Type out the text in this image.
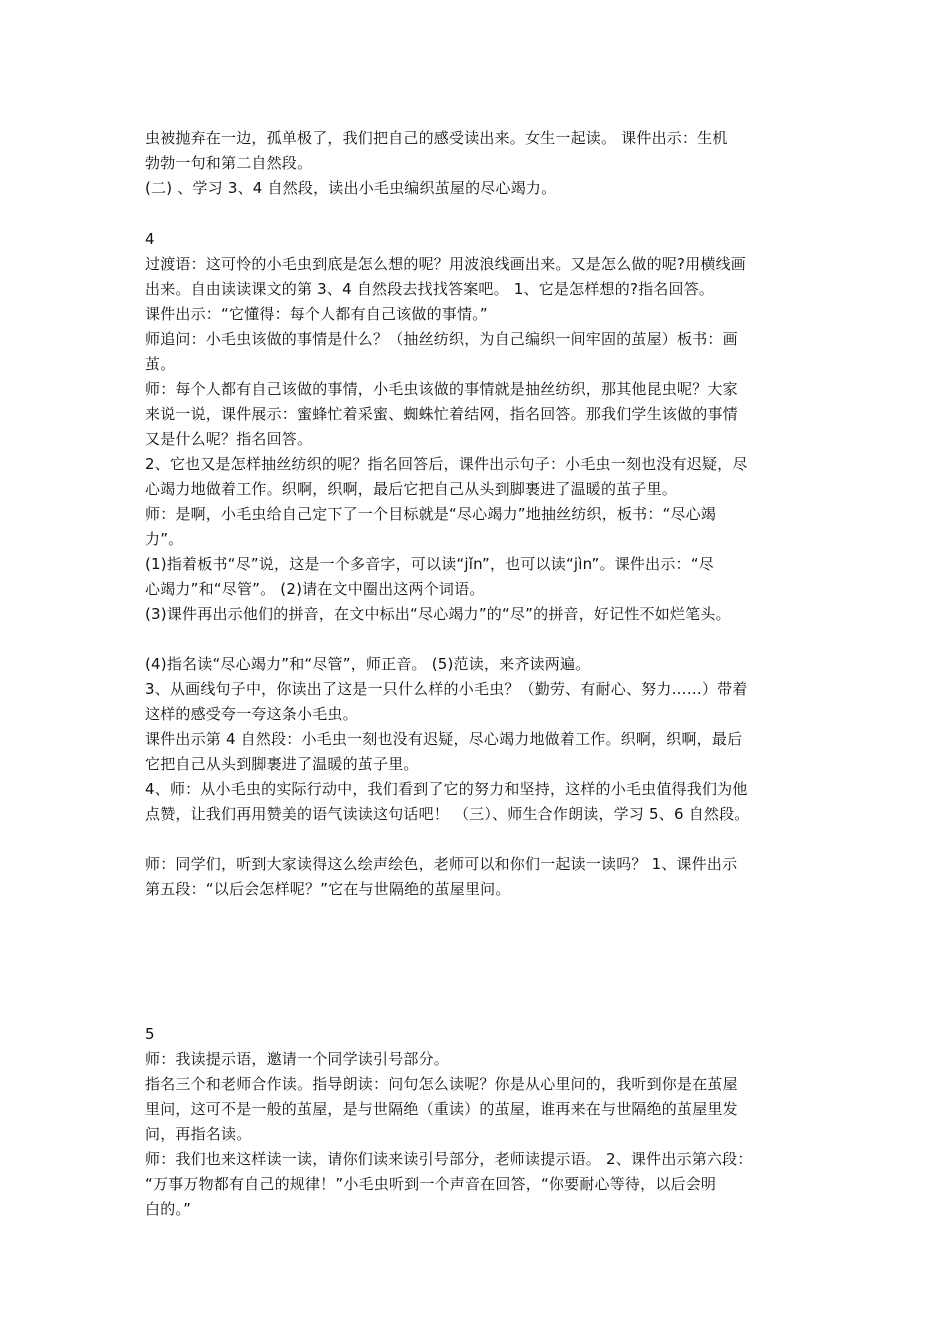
虫被抛弃在一边，孤单极了，我们把自己的感受读出来。女生一起读。 课件出示：生机
勃勃一句和第二自然段。
(二) 、学习 3、4 自然段，读出小毛虫编织茧屋的尽心竭力。
4
过渡语：这可怜的小毛虫到底是怎么想的呢？用波浪线画出来。又是怎么做的呢?用横线画
出来。自由读读课文的第 3、4 自然段去找找答案吧。 1、它是怎样想的?指名回答。
课件出示：“它懂得：每个人都有自己该做的事情。”
师追问：小毛虫该做的事情是什么？（抽丝纺织，为自己编织一间牢固的茧屋）板书：画
茧。
师：每个人都有自己该做的事情，小毛虫该做的事情就是抽丝纺织，那其他昆虫呢？大家
来说一说，课件展示：蜜蜂忙着采蜜、蜘蛛忙着结网，指名回答。那我们学生该做的事情
又是什么呢？指名回答。
2、它也又是怎样抽丝纺织的呢？指名回答后，课件出示句子：小毛虫一刻也没有迟疑，尽
心竭力地做着工作。织啊，织啊，最后它把自己从头到脚裹进了温暖的茧子里。
师：是啊，小毛虫给自己定下了一个目标就是“尽心竭力”地抽丝纺织，板书：“尽心竭
力”。
(1)指着板书“尽”说，这是一个多音字，可以读“jǐn”，也可以读“jìn”。课件出示：“尽
心竭力”和“尽管”。 (2)请在文中圈出这两个词语。
(3)课件再出示他们的拼音，在文中标出“尽心竭力”的“尽”的拼音，好记性不如烂笔头。

(4)指名读“尽心竭力”和“尽管”，师正音。 (5)范读，来齐读两遍。
3、从画线句子中，你读出了这是一只什么样的小毛虫？（勤劳、有耐心、努力……）带着
这样的感受夸一夸这条小毛虫。
课件出示第 4 自然段：小毛虫一刻也没有迟疑，尽心竭力地做着工作。织啊，织啊，最后
它把自己从头到脚裹进了温暖的茧子里。
4、师：从小毛虫的实际行动中，我们看到了它的努力和坚持，这样的小毛虫值得我们为他
点赞，让我们再用赞美的语气读读这句话吧！ （三）、师生合作朗读，学习 5、6 自然段。

师：同学们，听到大家读得这么绘声绘色，老师可以和你们一起读一读吗？ 1、课件出示
第五段：“以后会怎样呢？”它在与世隔绝的茧屋里问。
5
师：我读提示语，邀请一个同学读引号部分。
指名三个和老师合作读。指导朗读：问句怎么读呢？你是从心里问的，我听到你是在茧屋
里问，这可不是一般的茧屋，是与世隔绝（重读）的茧屋，谁再来在与世隔绝的茧屋里发
问，再指名读。
师：我们也来这样读一读，请你们读来读引号部分，老师读提示语。 2、课件出示第六段：
“万事万物都有自己的规律！”小毛虫听到一个声音在回答，“你要耐心等待，以后会明
白的。”
